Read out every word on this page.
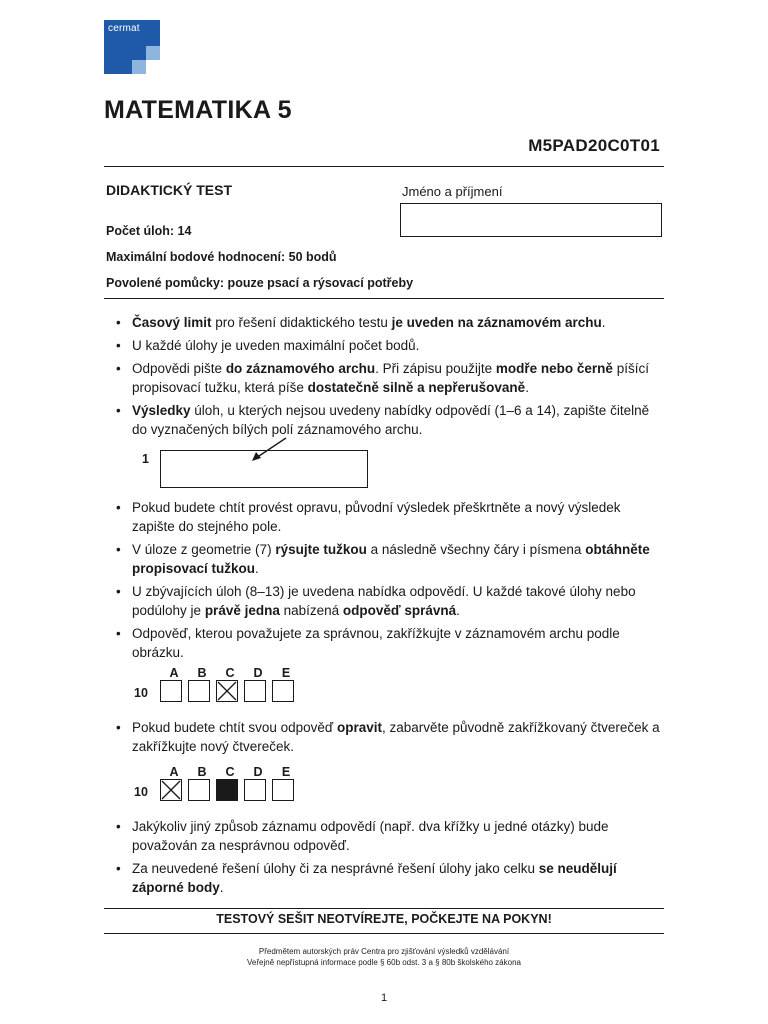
cermat
MATEMATIKA 5
M5PAD20C0T01
DIDAKTICKÝ TEST	Jméno a příjmení
Počet úloh: 14
Maximální bodové hodnocení: 50 bodů
Povolené pomůcky: pouze psací a rýsovací potřeby
• Časový limit pro řešení didaktického testu je uveden na záznamovém archu.
• U každé úlohy je uveden maximální počet bodů.
• Odpovědi pište do záznamového archu. Při zápisu použijte modře nebo černě píšící propisovací tužku, která píše dostatečně silně a nepřerušovaně.
• Výsledky úloh, u kterých nejsou uvedeny nabídky odpovědí (1–6 a 14), zapište čitelně do vyznačených bílých polí záznamového archu.
1
• Pokud budete chtít provést opravu, původní výsledek přeškrtněte a nový výsledek zapište do stejného pole.
• V úloze z geometrie (7) rýsujte tužkou a následně všechny čáry i písmena obtáhněte propisovací tužkou.
• U zbývajících úloh (8–13) je uvedena nabídka odpovědí. U každé takové úlohy nebo podúlohy je právě jedna nabízená odpověď správná.
• Odpověď, kterou považujete za správnou, zakřížkujte v záznamovém archu podle obrázku.
A	B	C	D	E
10
• Pokud budete chtít svou odpověď opravit, zabarvěte původně zakřížkovaný čtvereček a zakřížkujte nový čtvereček.
A	B	C	D	E
10
• Jakýkoliv jiný způsob záznamu odpovědí (např. dva křížky u jedné otázky) bude považován za nesprávnou odpověď.
• Za neuvedené řešení úlohy či za nesprávné řešení úlohy jako celku se neudělují záporné body.
TESTOVÝ SEŠIT NEOTVÍREJTE, POČKEJTE NA POKYN!
Předmětem autorských práv Centra pro zjišťování výsledků vzdělávání
Veřejně nepřístupná informace podle § 60b odst. 3 a § 80b školského zákona
1
